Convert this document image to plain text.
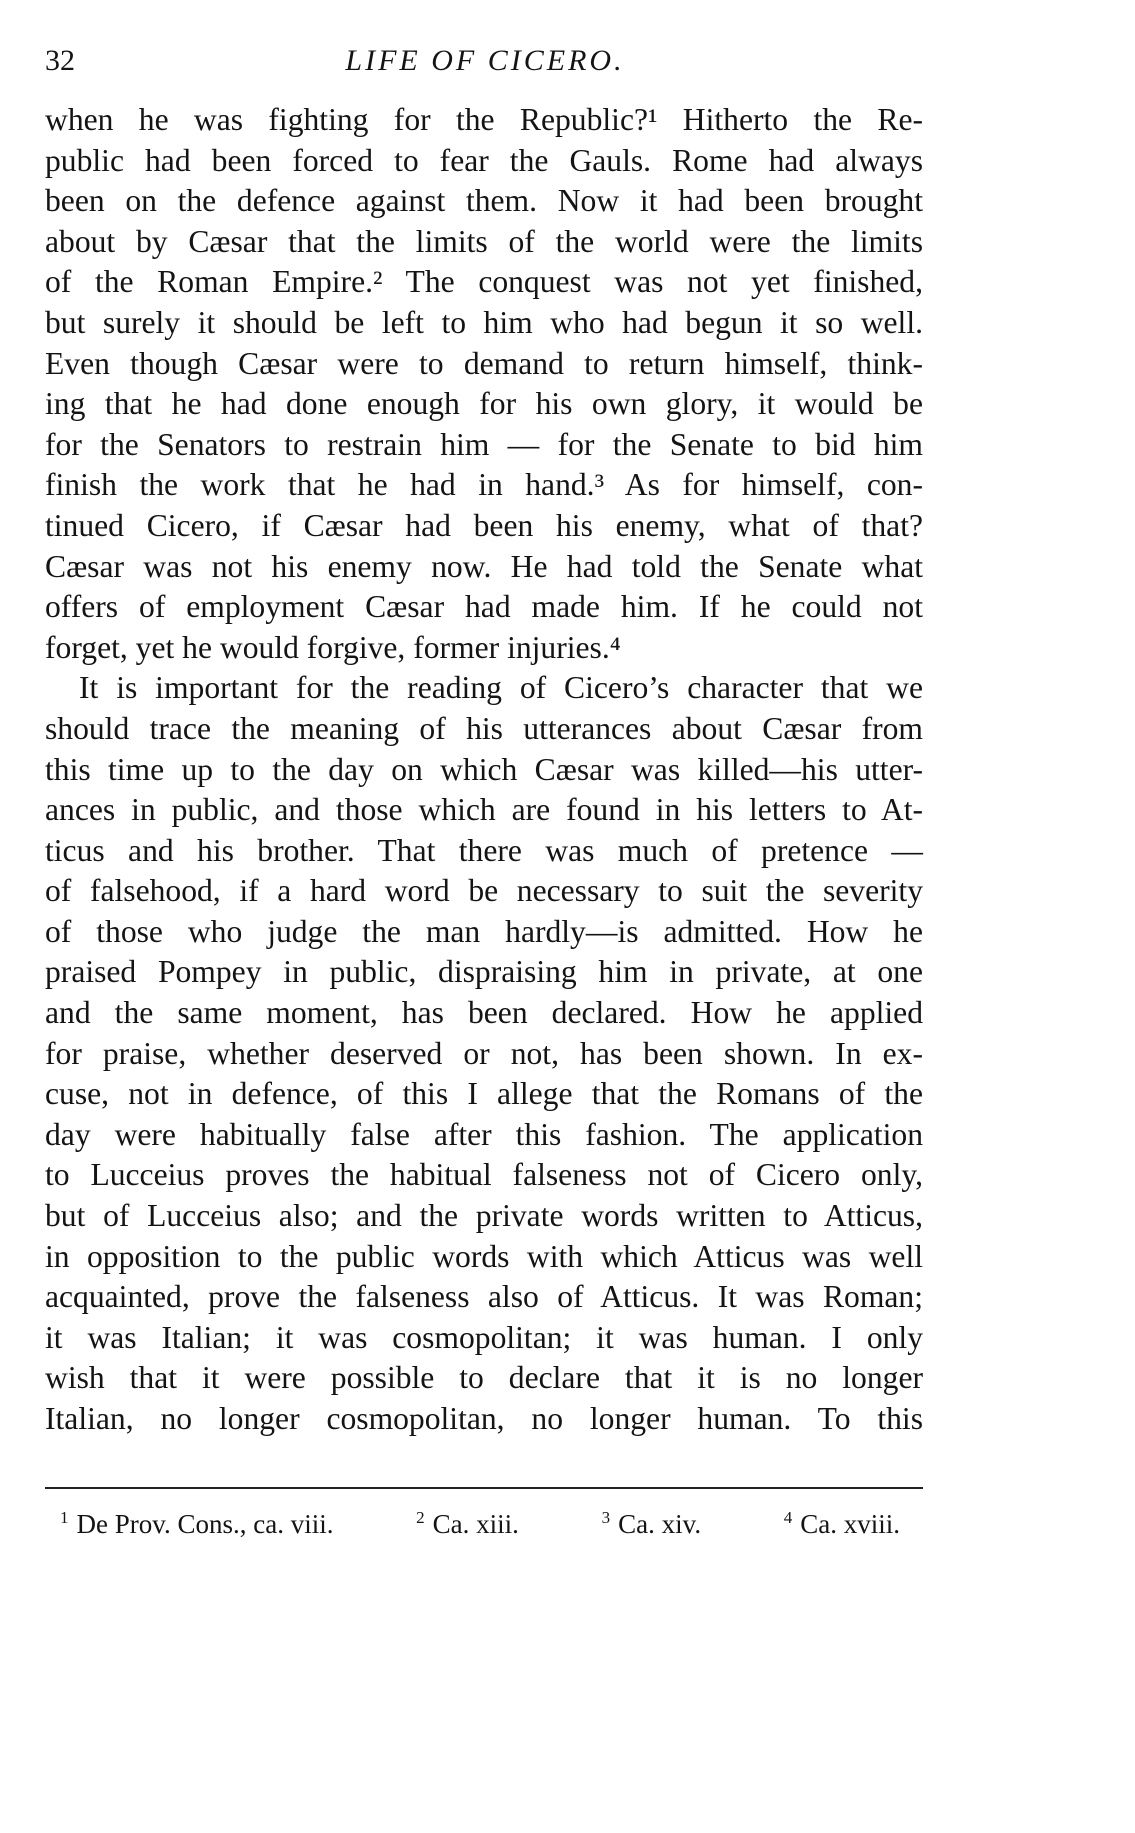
32	LIFE OF CICERO.
when he was fighting for the Republic?¹ Hitherto the Re-
public had been forced to fear the Gauls. Rome had always
been on the defence against them. Now it had been brought
about by Cæsar that the limits of the world were the limits
of the Roman Empire.² The conquest was not yet finished,
but surely it should be left to him who had begun it so well.
Even though Cæsar were to demand to return himself, think-
ing that he had done enough for his own glory, it would be
for the Senators to restrain him — for the Senate to bid him
finish the work that he had in hand.³ As for himself, con-
tinued Cicero, if Cæsar had been his enemy, what of that?
Cæsar was not his enemy now. He had told the Senate what
offers of employment Cæsar had made him. If he could not
forget, yet he would forgive, former injuries.⁴
It is important for the reading of Cicero’s character that we
should trace the meaning of his utterances about Cæsar from
this time up to the day on which Cæsar was killed—his utter-
ances in public, and those which are found in his letters to At-
ticus and his brother. That there was much of pretence —
of falsehood, if a hard word be necessary to suit the severity
of those who judge the man hardly—is admitted. How he
praised Pompey in public, dispraising him in private, at one
and the same moment, has been declared. How he applied
for praise, whether deserved or not, has been shown. In ex-
cuse, not in defence, of this I allege that the Romans of the
day were habitually false after this fashion. The application
to Lucceius proves the habitual falseness not of Cicero only,
but of Lucceius also; and the private words written to Atticus,
in opposition to the public words with which Atticus was well
acquainted, prove the falseness also of Atticus. It was Roman;
it was Italian; it was cosmopolitan; it was human. I only
wish that it were possible to declare that it is no longer
Italian, no longer cosmopolitan, no longer human. To this
$^1$ De Prov. Cons., ca. viii.	$^2$ Ca. xiii.	$^3$ Ca. xiv.	$^4$ Ca. xviii.
